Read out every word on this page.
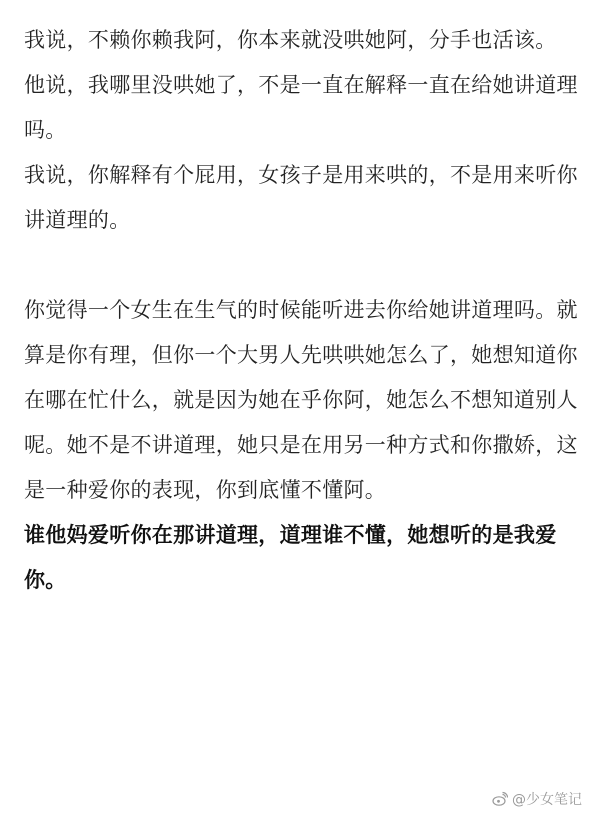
我说，不赖你赖我阿，你本来就没哄她阿，分手也活该。

他说，我哪里没哄她了，不是一直在解释一直在给她讲道理吗。

我说，你解释有个屁用，女孩子是用来哄的，不是用来听你讲道理的。

你觉得一个女生在生气的时候能听进去你给她讲道理吗。就算是你有理，但你一个大男人先哄哄她怎么了，她想知道你在哪在忙什么，就是因为她在乎你阿，她怎么不想知道别人呢。她不是不讲道理，她只是在用另一种方式和你撒娇，这是一种爱你的表现，你到底懂不懂阿。

谁他妈爱听你在那讲道理，道理谁不懂，她想听的是我爱你。

@少女笔记
